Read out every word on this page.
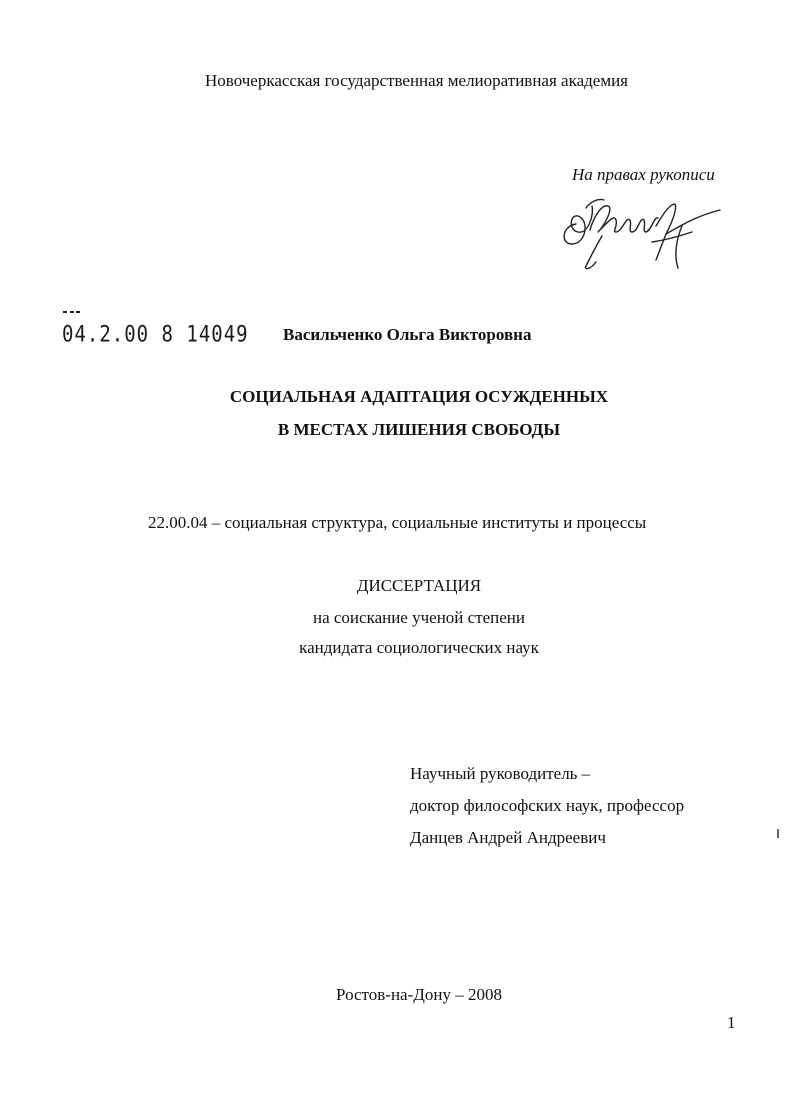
Новочеркасская государственная мелиоративная академия
На правах рукописи
04.2.00 8 14049 Васильченко Ольга Викторовна
СОЦИАЛЬНАЯ АДАПТАЦИЯ ОСУЖДЕННЫХ
В МЕСТАХ ЛИШЕНИЯ СВОБОДЫ
22.00.04 – социальная структура, социальные институты и процессы
ДИССЕРТАЦИЯ
на соискание ученой степени
кандидата социологических наук
Научный руководитель –
доктор философских наук, профессор
Данцев Андрей Андреевич
Ростов-на-Дону – 2008
1
